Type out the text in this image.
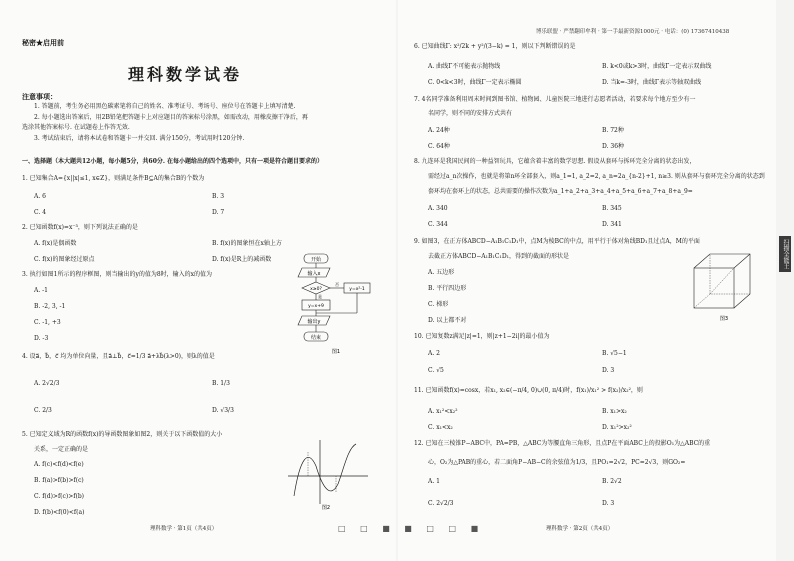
秘密★启用前
理科数学试卷
注意事项：
1. 答题前，考生务必用黑色碳素笔将自己的姓名、准考证号、考场号、座位号在答题卡上填写清楚.
2. 每小题选出答案后，用2B铅笔把答题卡上对应题目的答案标号涂黑，如需改动，用橡皮擦干净后，再
选涂其他答案标号. 在试题卷上作答无效.
3. 考试结束后，请将本试卷和答题卡一并交回. 满分150分，考试用时120分钟.
一、选择题（本大题共12小题，每小题5分，共60分. 在每小题给出的四个选项中，只有一项是符合题目要求的）
1. 已知集合A={x||x|≤1, x∈Z}，则满足条件B⊆A的集合B的个数为
A. 6	B. 3
C. 4	D. 7
2. 已知函数f(x)=x⁻³，则下列说法正确的是
A. f(x)是偶函数	B. f(x)的图象恒在x轴上方
C. f(x)的图象经过原点	D. f(x)是R上的减函数
3. 执行如图1所示的程序框图，则当输出的y的值为8时，输入的x的值为
A. -1
B. -2, 3, -1
C. -1, +3
D. -3
开始
输入x
x≥0?
否
是
y=x²-1
y=x+9
输出y
结束
图1
4. 设a⃗，b⃗，c⃗ 均为单位向量，且a⃗⊥b⃗，c⃗=1/3 a⃗+λb⃗(λ>0)，则λ的值是
A. 2√2/3	B. 1/3
C. 2/3	D. √3/3
5. 已知定义域为R的函数f(x)的导函数图象如图2，则关于以下函数值的大小
关系，一定正确的是
A. f(c)<f(d)<f(e)
B. f(a)>f(b)>f(c)
C. f(d)>f(c)>f(b)
D. f(b)<f(0)<f(a)
图2
理科数学 · 第1页（共4页）
博乐联盟 · 严禁翻印牟利 · 第一手最新资源1000元 · 电话：(0) 17367410438
6. 已知曲线Γ: x²/2k + y²/(3−k) = 1，则以下判断错误的是
A. 曲线Γ不可能表示抛物线	B. k<0或k>3时，曲线Γ一定表示双曲线
C. 0<k<3时，曲线Γ一定表示椭圆	D. 当k=-3时，曲线Γ表示等轴双曲线
7. 4名同学准备利用周末时间到图书馆、植物园、儿童医院三地进行志愿者活动，若要求每个地方至少有一
名同学，则不同的安排方式共有
A. 24种	B. 72种
C. 64种	D. 36种
8. 九连环是我国民间的一种益智玩具，它蕴含着丰富的数学思想. 假设从套环与拆环完全分离的状态出发，
需经过a_n次操作，也就是将第n环全部套入，则a_1=1, a_2=2, a_n=2a_{n-2}+1, n≥3. 则从套环与套环完全分离的状态到
套环均在套环上的状态，总共需要的操作次数为a_1+a_2+a_3+a_4+a_5+a_6+a_7+a_8+a_9=
A. 340	B. 345
C. 344	D. 341
9. 如图3，在正方体ABCD−A₁B₁C₁D₁中，点M为棱BC的中点，用平行于体对角线BD₁且过点A，M的平面
去截正方体ABCD−A₁B₁C₁D₁，得到的截面的形状是
A. 五边形
B. 平行四边形
C. 梯形
D. 以上都不对	图3
10. 已知复数z满足|z|=1，则|z+1−2i|的最小值为
A. 2	B. √5−1
C. √5	D. 3
11. 已知函数f(x)=cosx，若x₁, x₂∈(−π/4, 0)∪(0, π/4)时，f(x₁)/x₁² > f(x₂)/x₂²，则
A. x₁²<x₂²	B. x₁>x₂
C. x₁<x₂	D. x₁²>x₂²
12. 已知在三棱锥P−ABC中，PA=PB，△ABC为等腰直角三角形，且点P在平面ABC上的投影O₁为△ABC的重
心，O₂为△PAB的重心，若二面角P−AB−C的余弦值为1/3，且PO₁=2√2，PC=2√3，则GO₂=
A. 1	B. 2√2
C. 2√2/3	D. 3
理科数学 · 第2页（共4页）
□ □ ■ ■ □ □ ■
扫描全能王
